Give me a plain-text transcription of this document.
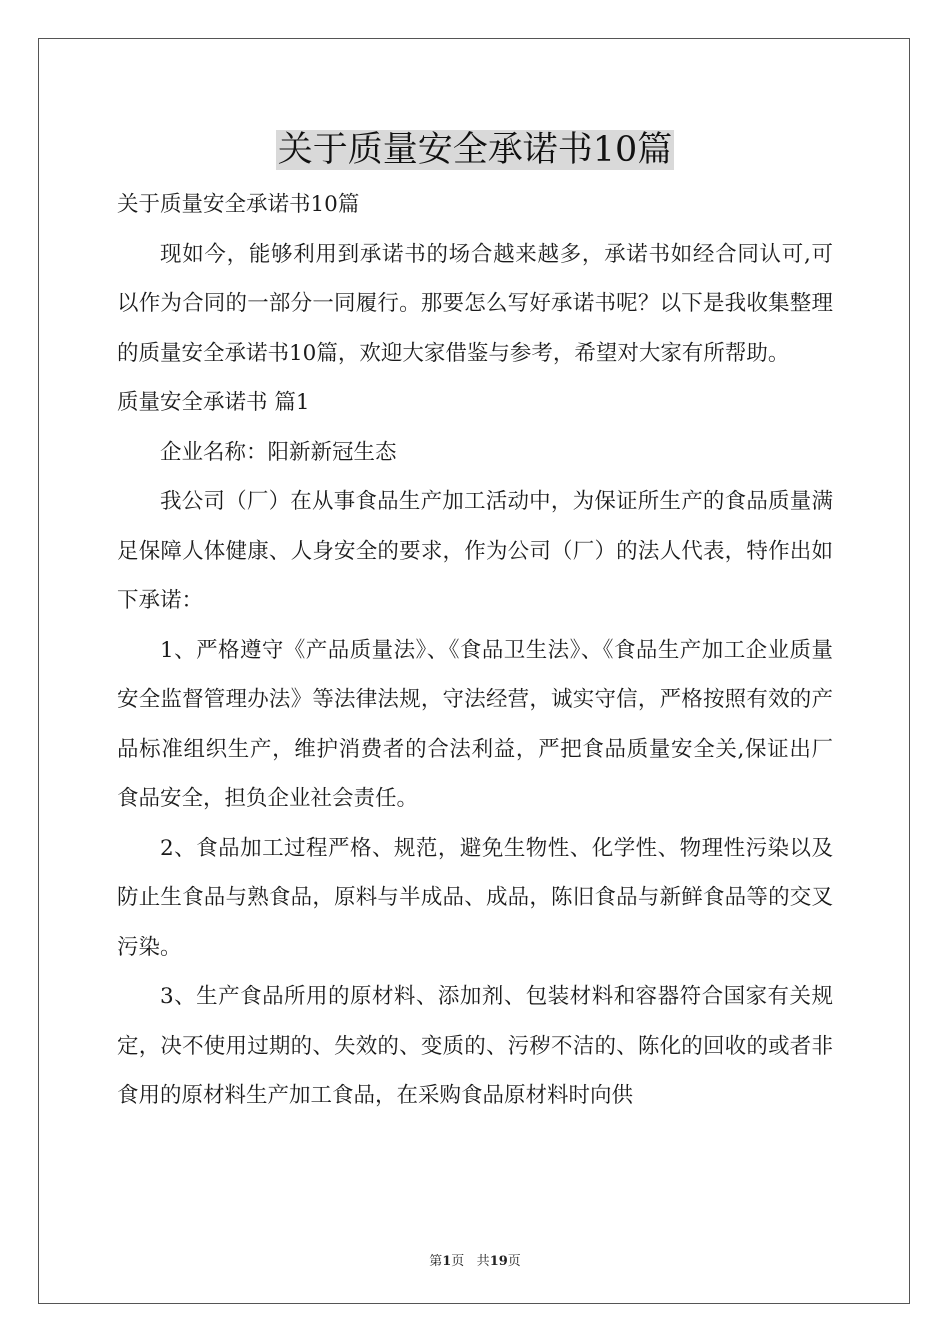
关于质量安全承诺书10篇

关于质量安全承诺书10篇

现如今，能够利用到承诺书的场合越来越多，承诺书如经合同认可,可以作为合同的一部分一同履行。那要怎么写好承诺书呢？以下是我收集整理的质量安全承诺书10篇，欢迎大家借鉴与参考，希望对大家有所帮助。

质量安全承诺书 篇1

企业名称：阳新新冠生态

我公司（厂）在从事食品生产加工活动中，为保证所生产的食品质量满足保障人体健康、人身安全的要求，作为公司（厂）的法人代表，特作出如下承诺：

1、严格遵守《产品质量法》、《食品卫生法》、《食品生产加工企业质量安全监督管理办法》等法律法规，守法经营，诚实守信，严格按照有效的产品标准组织生产，维护消费者的合法利益，严把食品质量安全关,保证出厂食品安全，担负企业社会责任。

2、食品加工过程严格、规范，避免生物性、化学性、物理性污染以及防止生食品与熟食品，原料与半成品、成品，陈旧食品与新鲜食品等的交叉污染。

3、生产食品所用的原材料、添加剂、包装材料和容器符合国家有关规定，决不使用过期的、失效的、变质的、污秽不洁的、陈化的回收的或者非食用的原材料生产加工食品，在采购食品原材料时向供

第1页 共19页
